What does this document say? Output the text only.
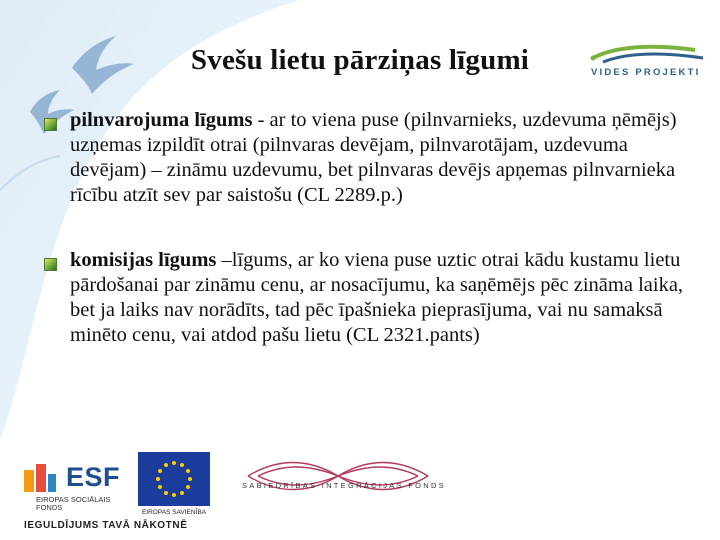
Svešu lietu pārziņas līgumi	VIDES PROJEKTI
pilnvarojuma līgums - ar to viena puse (pilnvarnieks, uzdevuma ņēmējs) uzņemas izpildīt otrai (pilnvaras devējam, pilnvarotājam, uzdevuma devējam) – zināmu uzdevumu, bet pilnvaras devējs apņemas pilnvarnieka rīcību atzīt sev par saistošu (CL 2289.p.)
komisijas līgums –līgums, ar ko viena puse uztic otrai kādu kustamu lietu pārdošanai par zināmu cenu, ar nosacījumu, ka saņēmējs pēc zināma laika, bet ja laiks nav norādīts, tad pēc īpašnieka pieprasījuma, vai nu samaksā minēto cenu, vai atdod pašu lietu (CL 2321.pants)
ESF
EIROPAS SOCIĀLAIS FONDS
EIROPAS SAVIENĪBA
SABIEDRĪBAS INTEGRĀCIJAS FONDS
IEGULDĪJUMS TAVĀ NĀKOTNĒ
